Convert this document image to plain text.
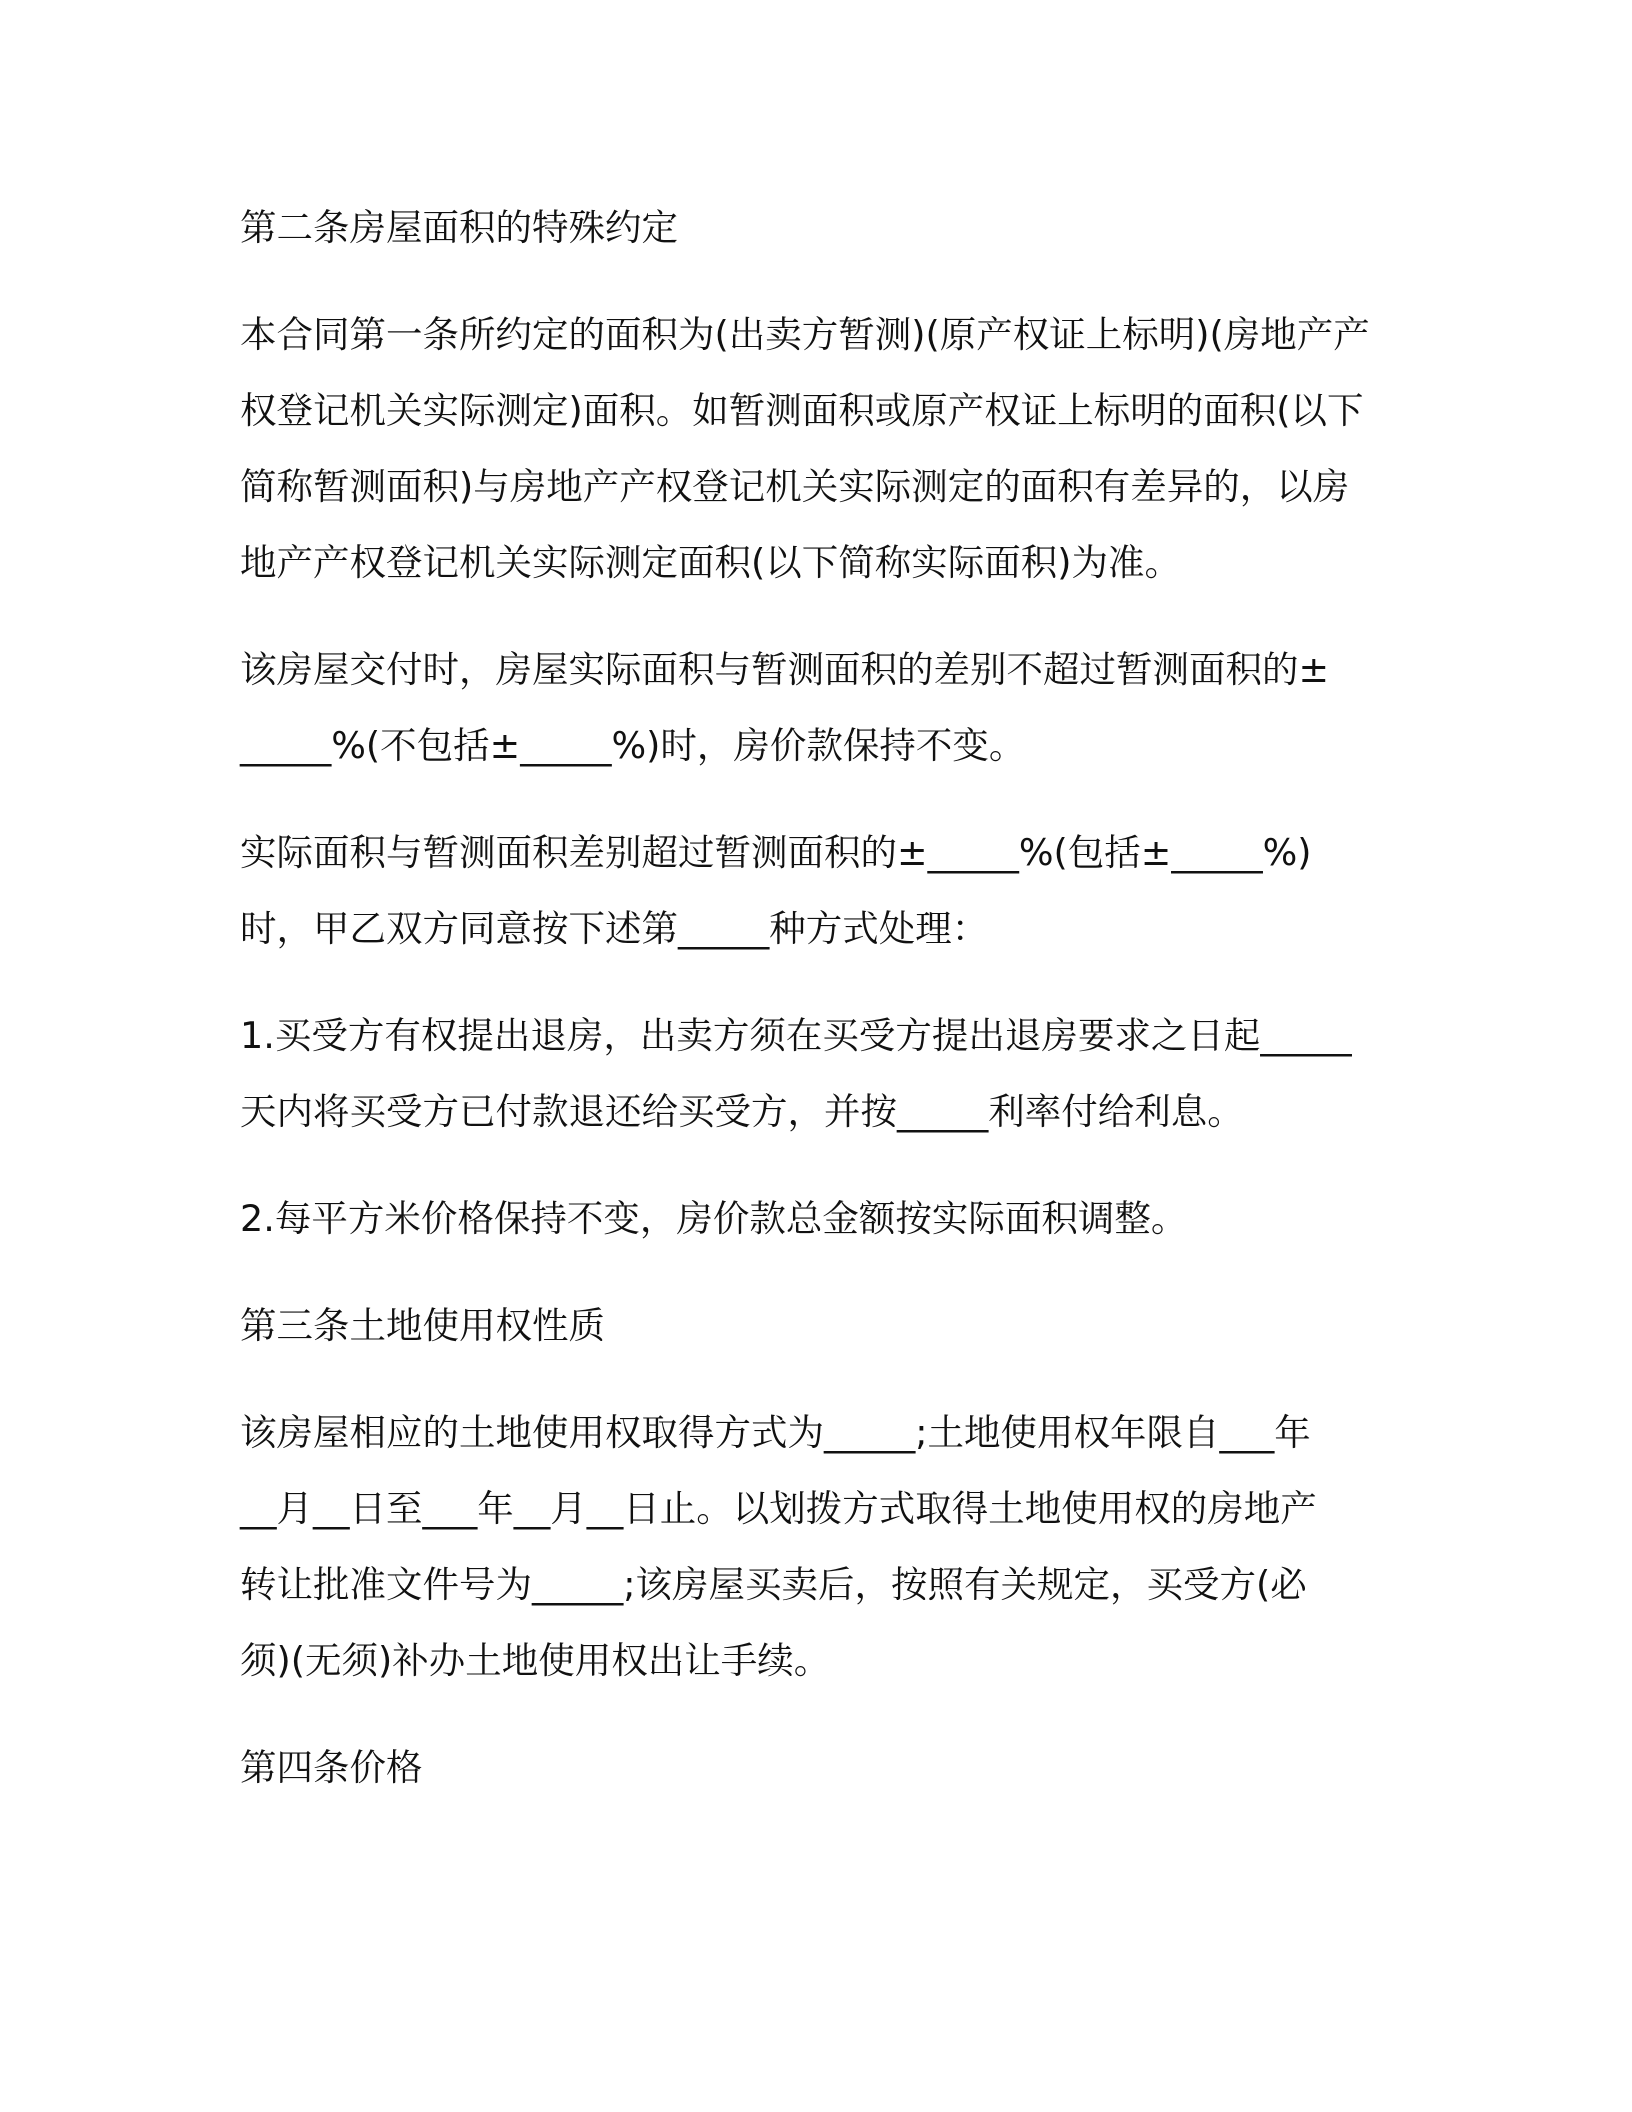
第二条房屋面积的特殊约定

本合同第一条所约定的面积为(出卖方暂测)(原产权证上标明)(房地产产
权登记机关实际测定)面积。如暂测面积或原产权证上标明的面积(以下
简称暂测面积)与房地产产权登记机关实际测定的面积有差异的，以房
地产产权登记机关实际测定面积(以下简称实际面积)为准。

该房屋交付时，房屋实际面积与暂测面积的差别不超过暂测面积的±
_____%(不包括±_____%)时，房价款保持不变。

实际面积与暂测面积差别超过暂测面积的±_____%(包括±_____%)
时，甲乙双方同意按下述第_____种方式处理：

1.买受方有权提出退房，出卖方须在买受方提出退房要求之日起_____
天内将买受方已付款退还给买受方，并按_____利率付给利息。

2.每平方米价格保持不变，房价款总金额按实际面积调整。

第三条土地使用权性质

该房屋相应的土地使用权取得方式为_____;土地使用权年限自___年
__月__日至___年__月__日止。以划拨方式取得土地使用权的房地产
转让批准文件号为_____;该房屋买卖后，按照有关规定，买受方(必
须)(无须)补办土地使用权出让手续。

第四条价格
